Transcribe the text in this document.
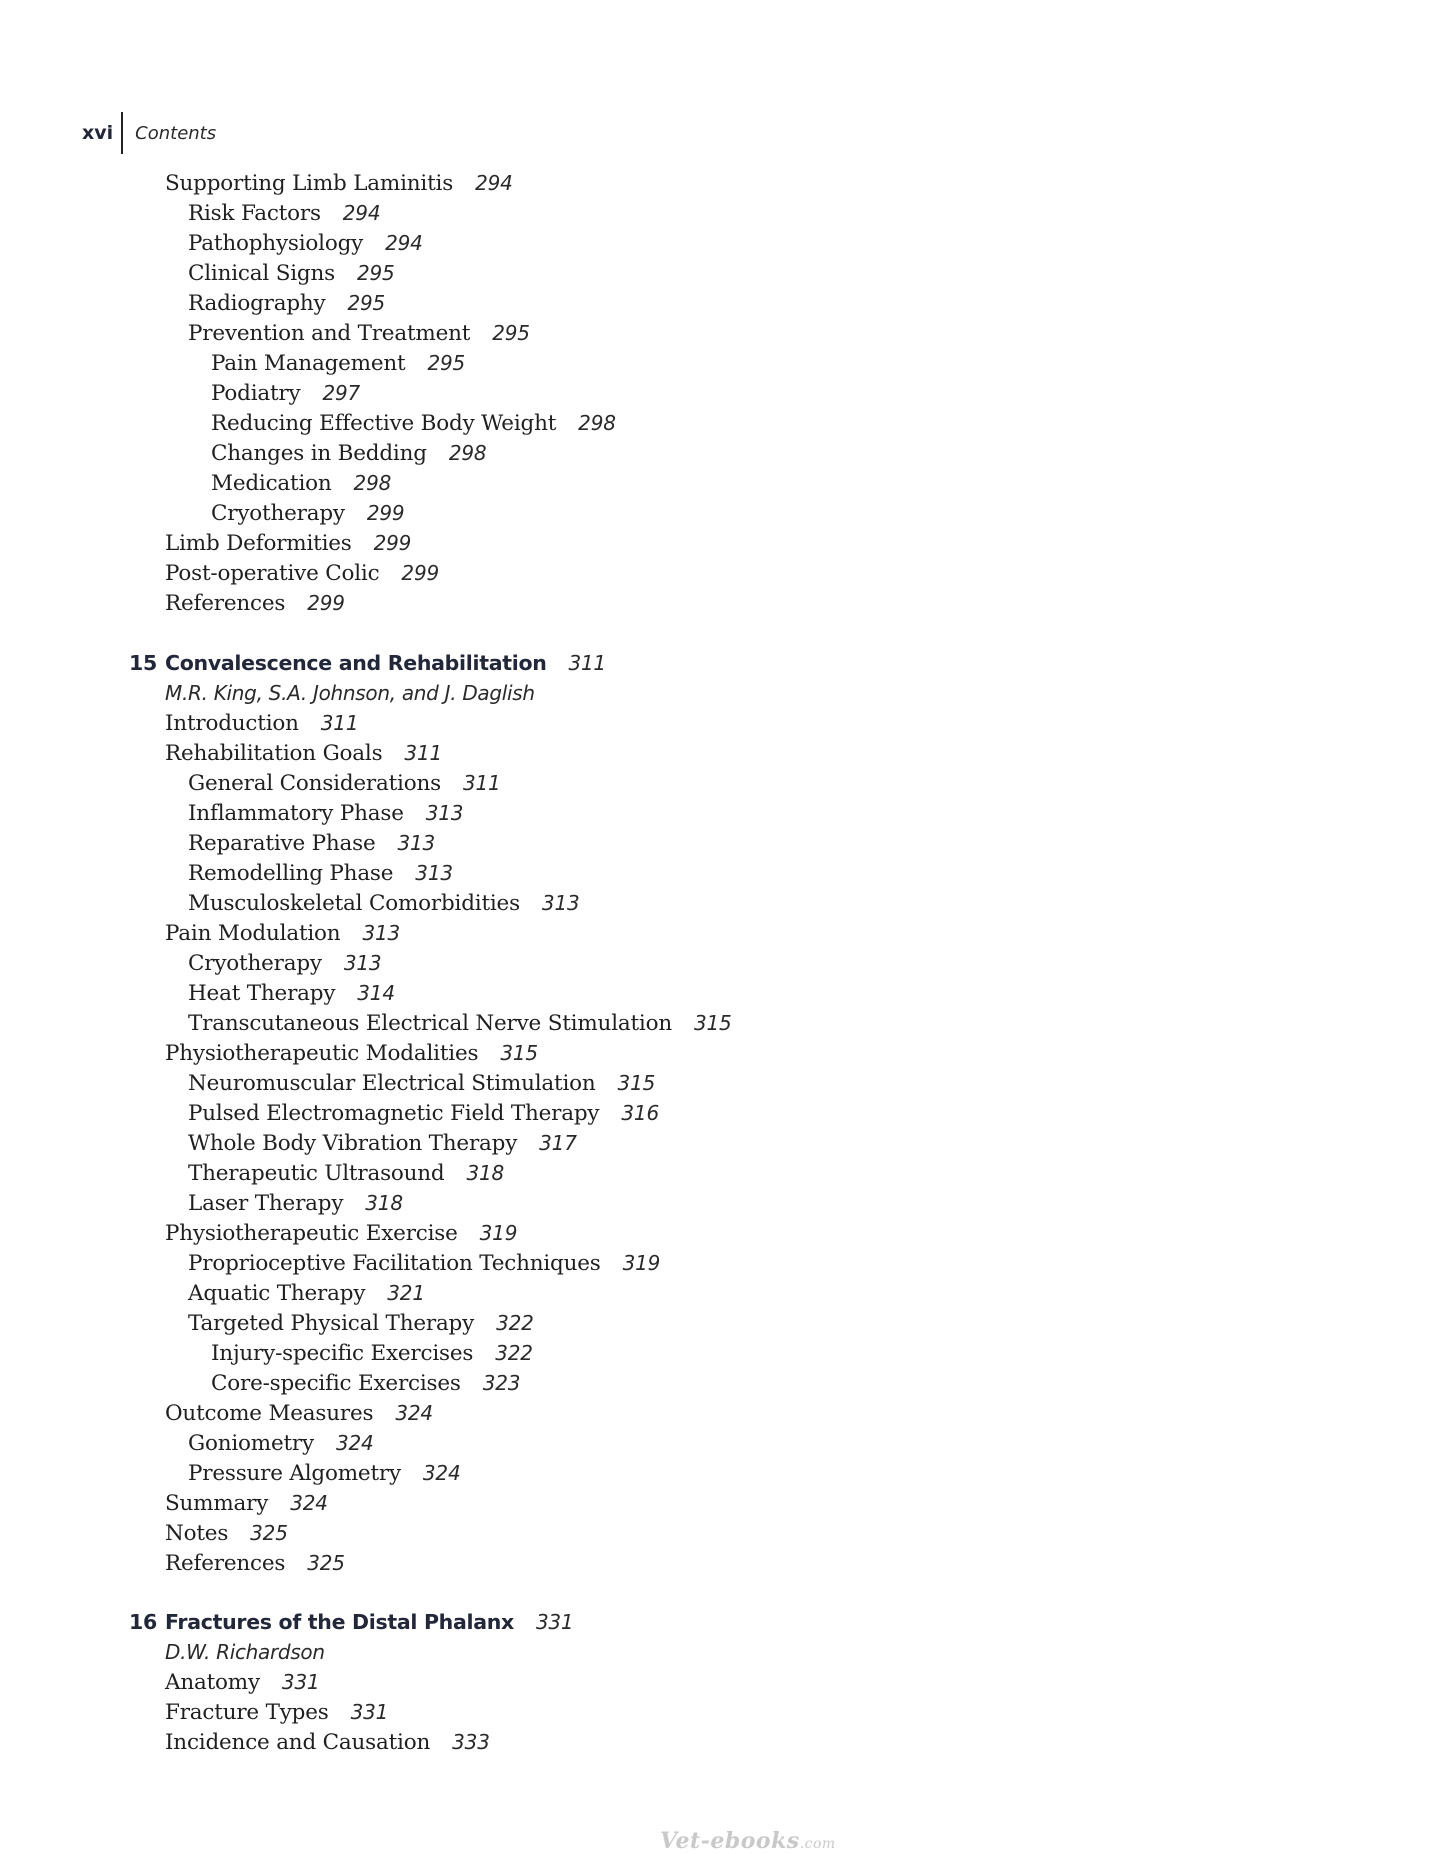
xvi	Contents
Supporting Limb Laminitis 294
Risk Factors 294
Pathophysiology 294
Clinical Signs 295
Radiography 295
Prevention and Treatment 295
Pain Management 295
Podiatry 297
Reducing Effective Body Weight 298
Changes in Bedding 298
Medication 298
Cryotherapy 299
Limb Deformities 299
Post-operative Colic 299
References 299
15 Convalescence and Rehabilitation 311
M.R. King, S.A. Johnson, and J. Daglish
Introduction 311
Rehabilitation Goals 311
General Considerations 311
Inflammatory Phase 313
Reparative Phase 313
Remodelling Phase 313
Musculoskeletal Comorbidities 313
Pain Modulation 313
Cryotherapy 313
Heat Therapy 314
Transcutaneous Electrical Nerve Stimulation 315
Physiotherapeutic Modalities 315
Neuromuscular Electrical Stimulation 315
Pulsed Electromagnetic Field Therapy 316
Whole Body Vibration Therapy 317
Therapeutic Ultrasound 318
Laser Therapy 318
Physiotherapeutic Exercise 319
Proprioceptive Facilitation Techniques 319
Aquatic Therapy 321
Targeted Physical Therapy 322
Injury-specific Exercises 322
Core-specific Exercises 323
Outcome Measures 324
Goniometry 324
Pressure Algometry 324
Summary 324
Notes 325
References 325
16 Fractures of the Distal Phalanx 331
D.W. Richardson
Anatomy 331
Fracture Types 331
Incidence and Causation 333
Vet-ebooks.com
